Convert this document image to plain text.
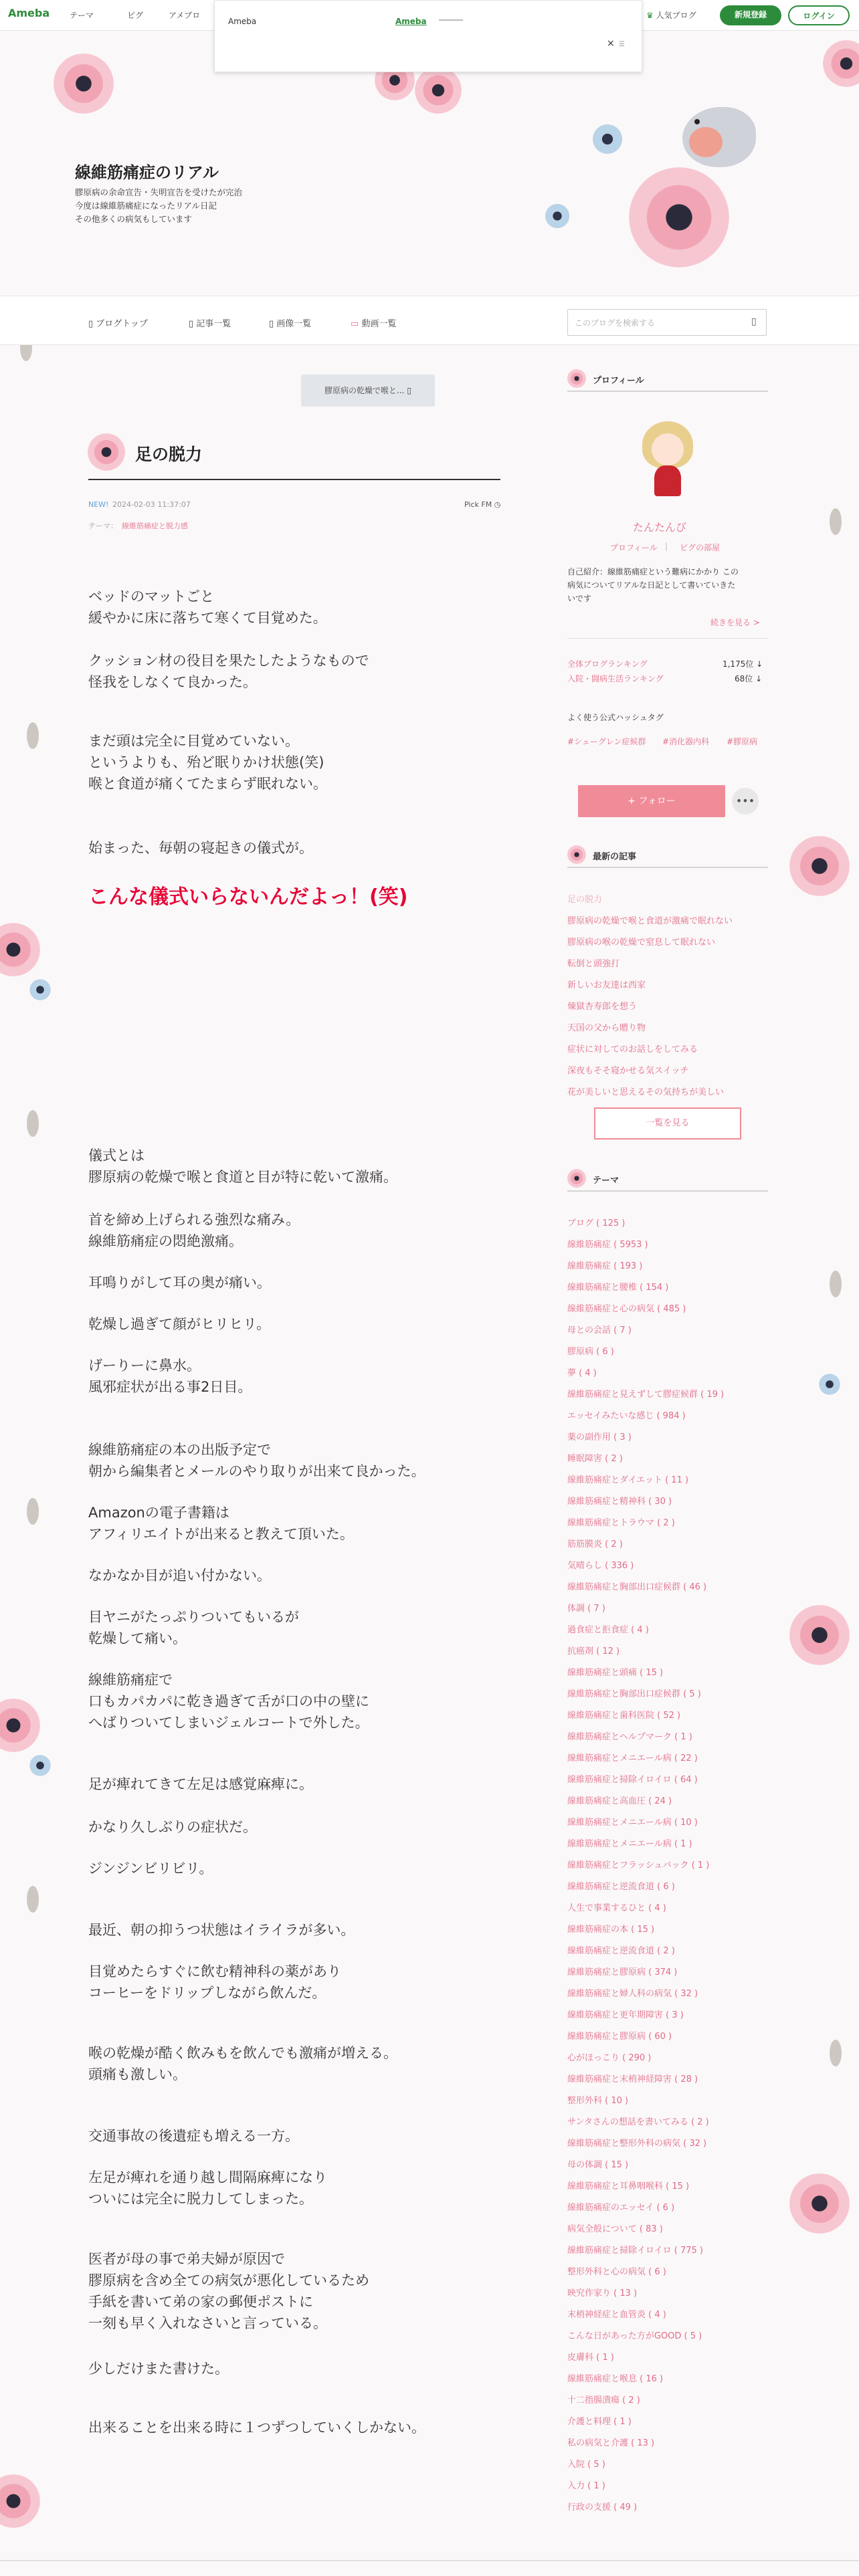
Ameba テーマ	ピグ	アメブロ	♛ 人気ブログ	新規登録	ログイン
Ameba	Ameba
× ☰
線維筋痛症のリアル
膠原病の余命宣告・失明宣告を受けたが完治
今度は線維筋痛症になったリアル日記
その他多くの病気もしています
▯ ブログトップ	▯ 記事一覧	▯ 画像一覧	▭ 動画一覧	このブログを検索する	▯
膠原病の乾燥で喉と... ▯
足の脱力
NEW! 2024-02-03 11:37:07	Pick FM ◷
テーマ： 線維筋痛症と脱力感
ベッドのマットごと
緩やかに床に落ちて寒くて目覚めた。
クッション材の役目を果たしたようなもので
怪我をしなくて良かった。
まだ頭は完全に目覚めていない。
というよりも、殆ど眠りかけ状態(笑)
喉と食道が痛くてたまらず眠れない。
始まった、毎朝の寝起きの儀式が。
こんな儀式いらないんだよっ！(笑)
儀式とは
膠原病の乾燥で喉と食道と目が特に乾いて激痛。
首を締め上げられる強烈な痛み。
線維筋痛症の悶絶激痛。
耳鳴りがして耳の奥が痛い。
乾燥し過ぎて顔がヒリヒリ。
げーりーに鼻水。
風邪症状が出る事2日目。
線維筋痛症の本の出版予定で
朝から編集者とメールのやり取りが出来て良かった。
Amazonの電子書籍は
アフィリエイトが出来ると教えて頂いた。
なかなか目が追い付かない。
目ヤニがたっぷりついてもいるが
乾燥して痛い。
線維筋痛症で
口もカパカパに乾き過ぎて舌が口の中の壁に
へばりついてしまいジェルコートで外した。
足が痺れてきて左足は感覚麻痺に。
かなり久しぶりの症状だ。
ジンジンビリビリ。
最近、朝の抑うつ状態はイライラが多い。
目覚めたらすぐに飲む精神科の薬があり
コーヒーをドリップしながら飲んだ。
喉の乾燥が酷く飲みもを飲んでも激痛が増える。
頭痛も激しい。
交通事故の後遺症も増える一方。
左足が痺れを通り越し間隔麻痺になり
ついには完全に脱力してしまった。
医者が母の事で弟夫婦が原因で
膠原病を含め全ての病気が悪化しているため
手紙を書いて弟の家の郵便ポストに
一刻も早く入れなさいと言っている。
少しだけまた書けた。
出来ることを出来る時に１つずつしていくしかない。
プロフィール
たんたんび
プロフィール | ピグの部屋
自己紹介：線維筋痛症という難病にかかり この
病気についてリアルな日記として書いていきた
いです
続きを見る >
全体ブログランキング	1,175位 ↓
入院・闘病生活ランキング	68位 ↓
よく使う公式ハッシュタグ
#シェーグレン症候群 #消化器内科 #膠原病
+ フォロー	•••
最新の記事
足の脱力
膠原病の乾燥で喉と食道が激痛で眠れない
膠原病の喉の乾燥で窒息して眠れない
転倒と頭強打
新しいお友達は西家
煉獄杏寿郎を想う
天国の父から贈り物
症状に対してのお話しをしてみる
深夜もそそ寝かせる気スイッチ
花が美しいと思えるその気持ちが美しい
一覧を見る
テーマ
ブログ ( 125 )
線維筋痛症 ( 5953 )
線維筋痛症 ( 193 )
線維筋痛症と腰椎 ( 154 )
線維筋痛症と心の病気 ( 485 )
母との会話 ( 7 )
膠原病 ( 6 )
夢 ( 4 )
線維筋痛症と見えずして膠症候群 ( 19 )
エッセイみたいな感じ ( 984 )
薬の副作用 ( 3 )
睡眠障害 ( 2 )
線維筋痛症とダイエット ( 11 )
線維筋痛症と精神科 ( 30 )
線維筋痛症とトラウマ ( 2 )
筋筋膜炎 ( 2 )
気晴らし ( 336 )
線維筋痛症と胸部出口症候群 ( 46 )
体調 ( 7 )
過食症と拒食症 ( 4 )
抗癌剤 ( 12 )
線維筋痛症と頭痛 ( 15 )
線維筋痛症と胸部出口症候群 ( 5 )
線維筋痛症と歯科医院 ( 52 )
線維筋痛症とヘルプマーク ( 1 )
線維筋痛症とメニエール病 ( 22 )
線維筋痛症と掃除イロイロ ( 64 )
線維筋痛症と高血圧 ( 24 )
線維筋痛症とメニエール病 ( 10 )
線維筋痛症とメニエール病 ( 1 )
線維筋痛症とフラッシュバック ( 1 )
線維筋痛症と逆流食道 ( 6 )
人生で事業するひと ( 4 )
線維筋痛症の本 ( 15 )
線維筋痛症と逆流食道 ( 2 )
線維筋痛症と膠原病 ( 374 )
線維筋痛症と婦人科の病気 ( 32 )
線維筋痛症と更年期障害 ( 3 )
線維筋痛症と膠原病 ( 60 )
心がほっこり ( 290 )
線維筋痛症と末梢神経障害 ( 28 )
整形外科 ( 10 )
サンタさんの想話を書いてみる ( 2 )
線維筋痛症と整形外科の病気 ( 32 )
母の体調 ( 15 )
線維筋痛症と耳鼻咽喉科 ( 15 )
線維筋痛症のエッセイ ( 6 )
病気全般について ( 83 )
線維筋痛症と掃除イロイロ ( 775 )
整形外科と心の病気 ( 6 )
映究作家り ( 13 )
末梢神経症と血管炎 ( 4 )
こんな日があった方がGOOD ( 5 )
皮膚科 ( 1 )
線維筋痛症と喉息 ( 16 )
十二指腸潰瘍 ( 2 )
介護と料理 ( 1 )
私の病気と介護 ( 13 )
入院 ( 5 )
入力 ( 1 )
行政の支援 ( 49 )
